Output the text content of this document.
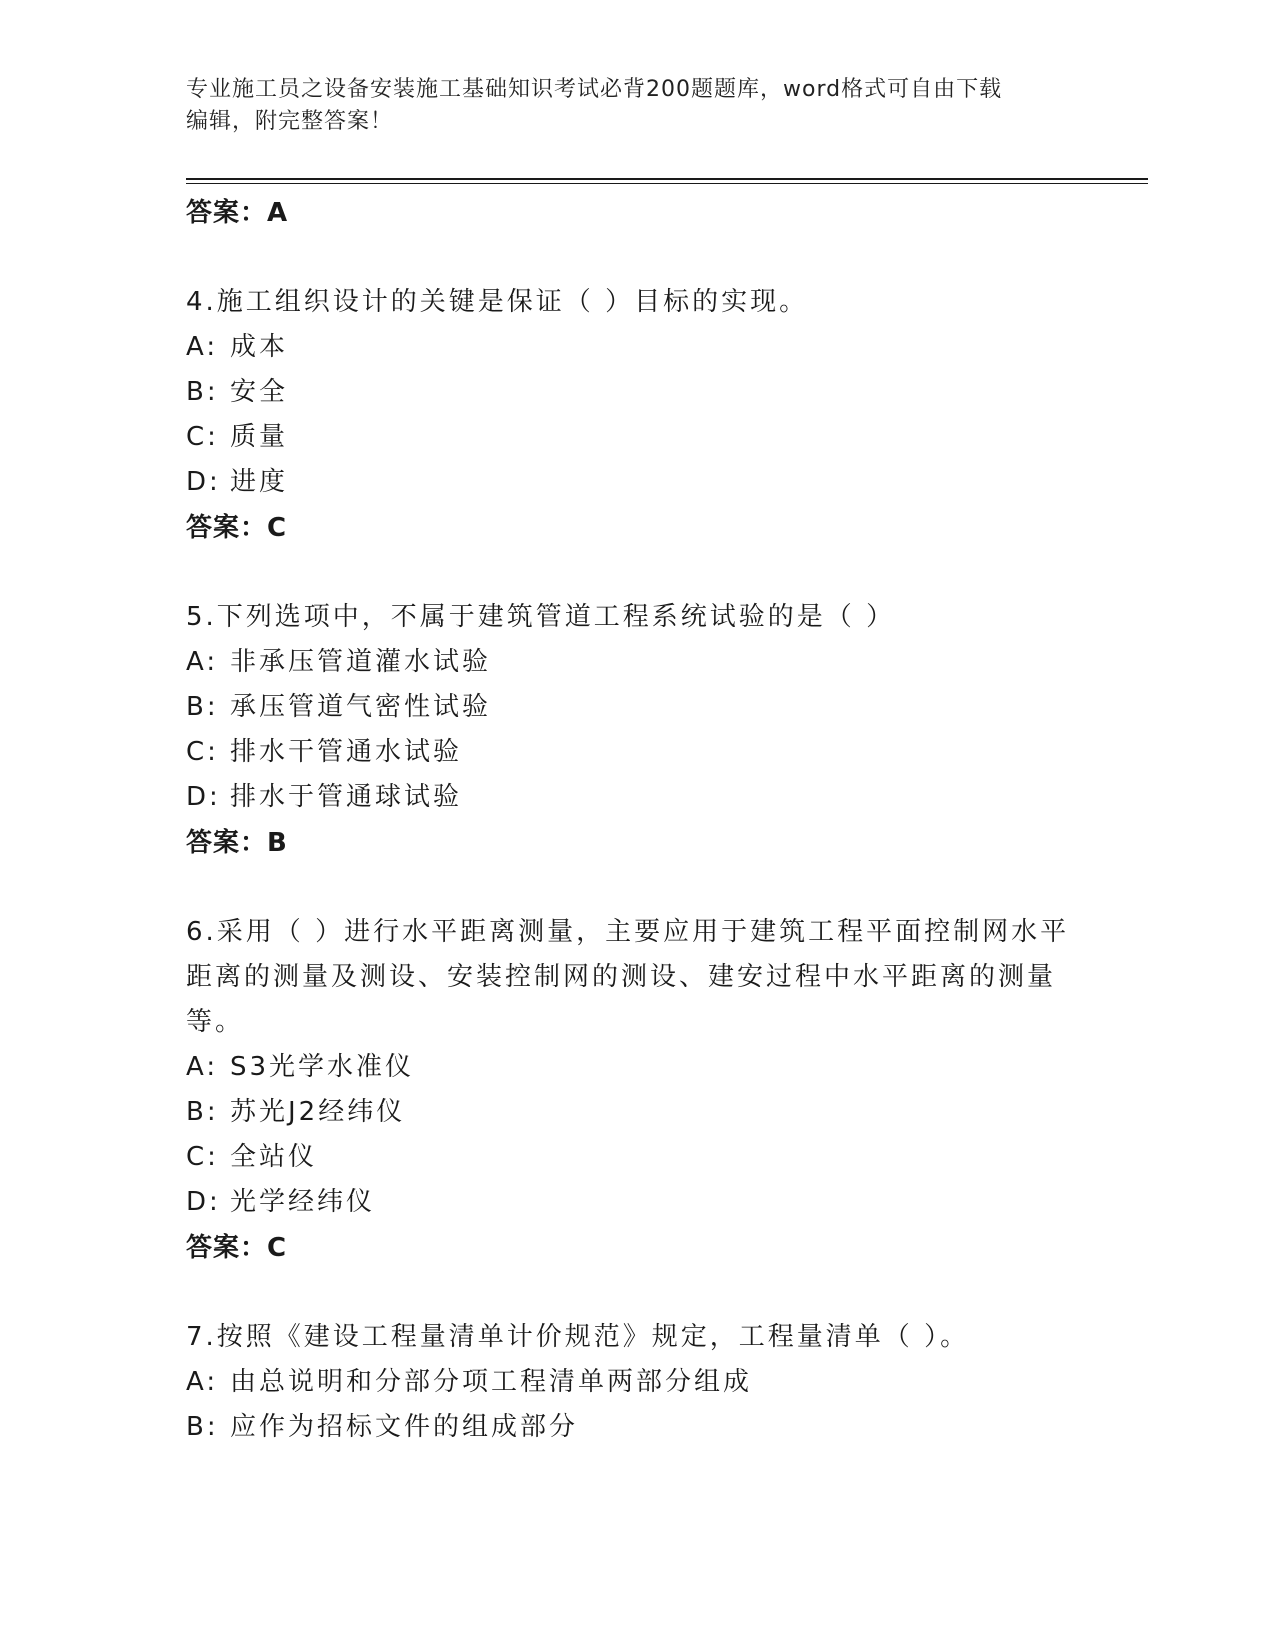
专业施工员之设备安装施工基础知识考试必背200题题库，word格式可自由下载
编辑，附完整答案！

答案：A

4.施工组织设计的关键是保证（ ）目标的实现。

A: 成本

B: 安全

C: 质量

D: 进度

答案：C

5.下列选项中，不属于建筑管道工程系统试验的是（ ）

A: 非承压管道灌水试验

B: 承压管道气密性试验

C: 排水干管通水试验

D: 排水于管通球试验

答案：B

6.采用（ ）进行水平距离测量，主要应用于建筑工程平面控制网水平距离的测量及测设、安装控制网的测设、建安过程中水平距离的测量等。

A: S3光学水准仪

B: 苏光J2经纬仪

C: 全站仪

D: 光学经纬仪

答案：C

7.按照《建设工程量清单计价规范》规定，工程量清单（ ）。

A: 由总说明和分部分项工程清单两部分组成

B: 应作为招标文件的组成部分
